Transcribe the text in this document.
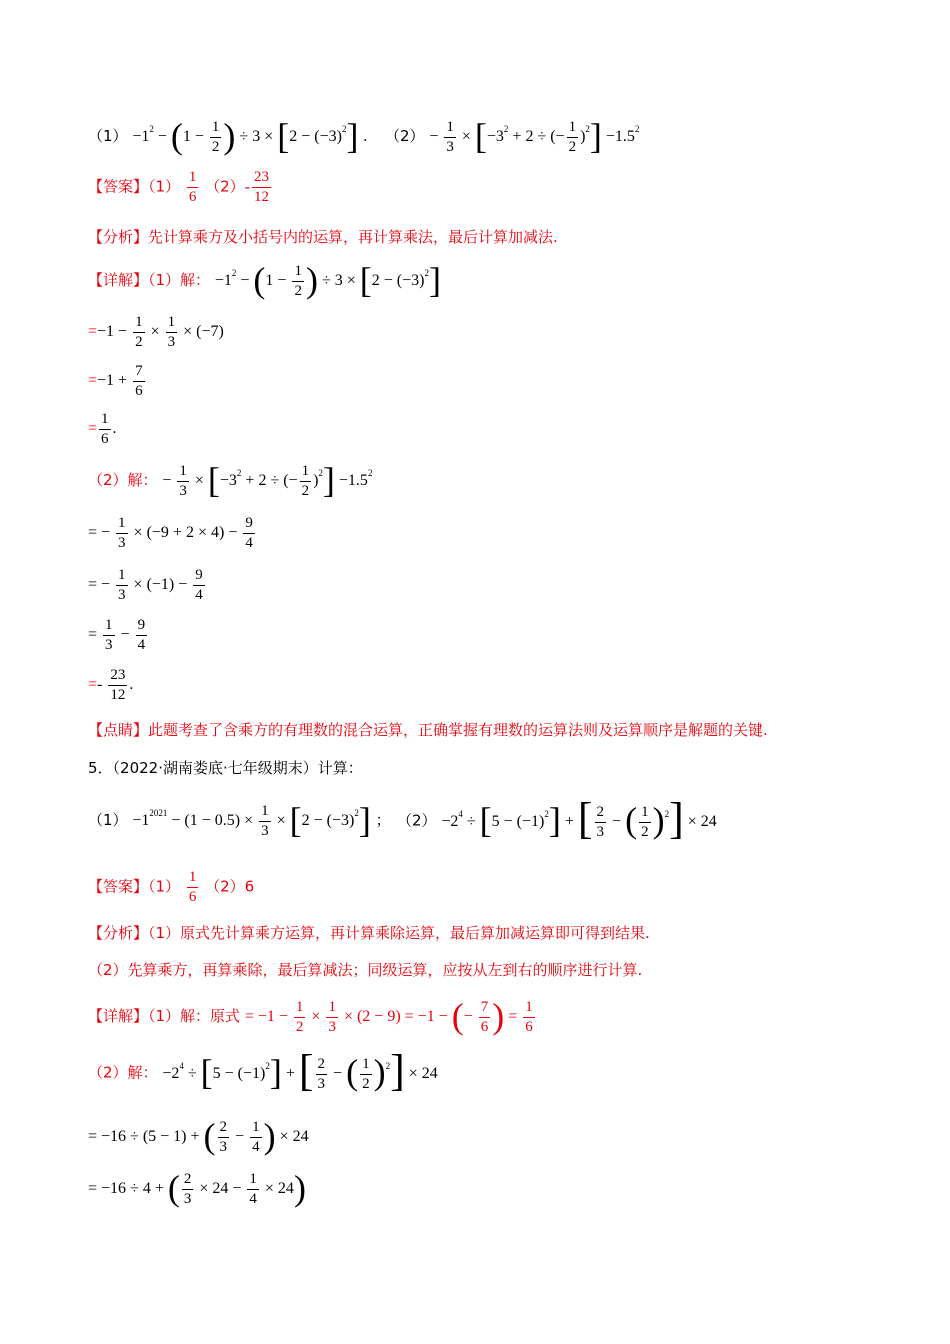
$(1) -1^2 - (1 - \frac{1}{2}$ ) ÷ $3 \times [2 - (-3)^2]$ . $(2) - \frac{1}{3} \times [-3^2 + 2$ ÷ (− $\frac{1}{2} )^2] -1.5^2$
【答案】$(1) \frac{1}{6} (2)- \frac{23}{12}$
【分析】先计算乘方及小括号内的运算，再计算乘法，最后计算加减法.
【详解】（1）解： $-1^2 - (1 - \frac{1}{2}$ ) ÷ $3 \times [2 - (-3)^2]$
$=-1 - \frac{1}{2} \times \frac{1}{3} \times (-7)$
$=-1 + \frac{7}{6}$
= $\frac{1}{6}$ .
（2）解： − $\frac{1}{3} \times [-3^2 + 2$ ÷ (− $\frac{1}{2} )^2] -1.5^2$
= − $\frac{1}{3} \times (-9 + 2 \times 4) - \frac{9}{4}$
= − $\frac{1}{3} \times (-1) - \frac{9}{4}$
= $\frac{1}{3} - \frac{9}{4}$
=- $\frac{23}{12}$ .
【点睛】此题考查了含乘方的有理数的混合运算，正确掌握有理数的运算法则及运算顺序是解题的关键.
5．（2022·湖南娄底·七年级期末）计算：
$(1) -1^{2021} - (1 - 0.5) \times \frac{1}{3} \times [2 - (-3)^2]$ ； $(2) -2^4 \div [5 - (-1)^2]$ + [ $\frac{2}{3}$ − ( $\frac{1}{2} )^2] \times 24$
【答案】$(1) \frac{1}{6} (2)6$
【分析】（1）原式先计算乘方运算，再计算乘除运算，最后算加减运算即可得到结果.
（2）先算乘方，再算乘除，最后算减法；同级运算，应按从左到右的顺序进行计算.
【详解】（1）解：原式 = $-1 - \frac{1}{2} \times \frac{1}{3} \times (2 - 9) = -1$ − (− $\frac{7}{6}$ ) = $\frac{1}{6}$
（2）解： $-2^4 \div [5 - (-1)^2]$ + [ $\frac{2}{3}$ − ( $\frac{1}{2} )^2] \times 24$
= −16 ÷ (5 − 1) + ( $\frac{2}{3} - \frac{1}{4}$ ) × 24
= −16 ÷ 4 + ( $\frac{2}{3} \times 24 - \frac{1}{4} \times 24$)
